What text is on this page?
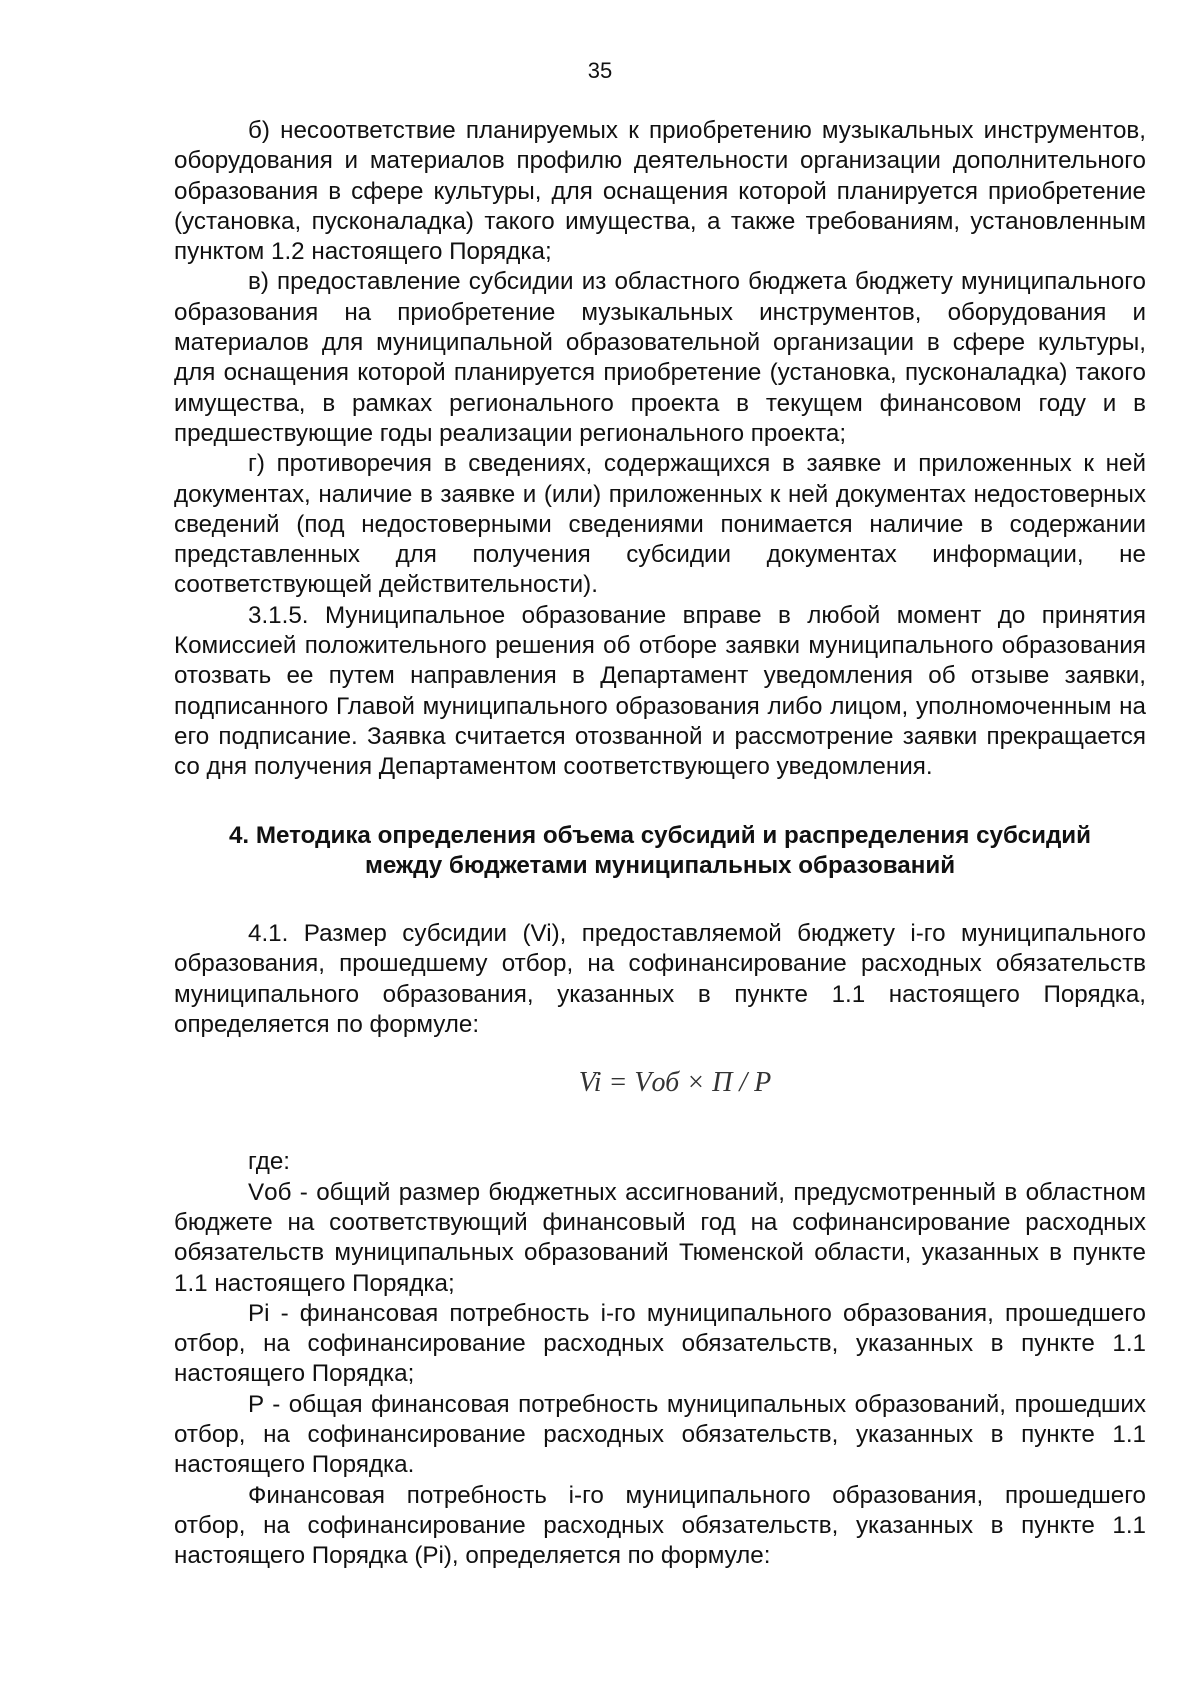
35

б) несоответствие планируемых к приобретению музыкальных инструментов, оборудования и материалов профилю деятельности организации дополнительного образования в сфере культуры, для оснащения которой планируется приобретение (установка, пусконаладка) такого имущества, а также требованиям, установленным пунктом 1.2 настоящего Порядка;

в) предоставление субсидии из областного бюджета бюджету муниципального образования на приобретение музыкальных инструментов, оборудования и материалов для муниципальной образовательной организации в сфере культуры, для оснащения которой планируется приобретение (установка, пусконаладка) такого имущества, в рамках регионального проекта в текущем финансовом году и в предшествующие годы реализации регионального проекта;

г) противоречия в сведениях, содержащихся в заявке и приложенных к ней документах, наличие в заявке и (или) приложенных к ней документах недостоверных сведений (под недостоверными сведениями понимается наличие в содержании представленных для получения субсидии документах информации, не соответствующей действительности).

3.1.5. Муниципальное образование вправе в любой момент до принятия Комиссией положительного решения об отборе заявки муниципального образования отозвать ее путем направления в Департамент уведомления об отзыве заявки, подписанного Главой муниципального образования либо лицом, уполномоченным на его подписание. Заявка считается отозванной и рассмотрение заявки прекращается со дня получения Департаментом соответствующего уведомления.

4. Методика определения объема субсидий и распределения субсидий
между бюджетами муниципальных образований

4.1. Размер субсидии (Vi), предоставляемой бюджету i-го муниципального образования, прошедшему отбор, на софинансирование расходных обязательств муниципального образования, указанных в пункте 1.1 настоящего Порядка, определяется по формуле:

Vi = Vоб × П / P

где:

Vоб - общий размер бюджетных ассигнований, предусмотренный в областном бюджете на соответствующий финансовый год на софинансирование расходных обязательств муниципальных образований Тюменской области, указанных в пункте 1.1 настоящего Порядка;

Pi - финансовая потребность i-го муниципального образования, прошедшего отбор, на софинансирование расходных обязательств, указанных в пункте 1.1 настоящего Порядка;

P - общая финансовая потребность муниципальных образований, прошедших отбор, на софинансирование расходных обязательств, указанных в пункте 1.1 настоящего Порядка.

Финансовая потребность i-го муниципального образования, прошедшего отбор, на софинансирование расходных обязательств, указанных в пункте 1.1 настоящего Порядка (Pi), определяется по формуле:
